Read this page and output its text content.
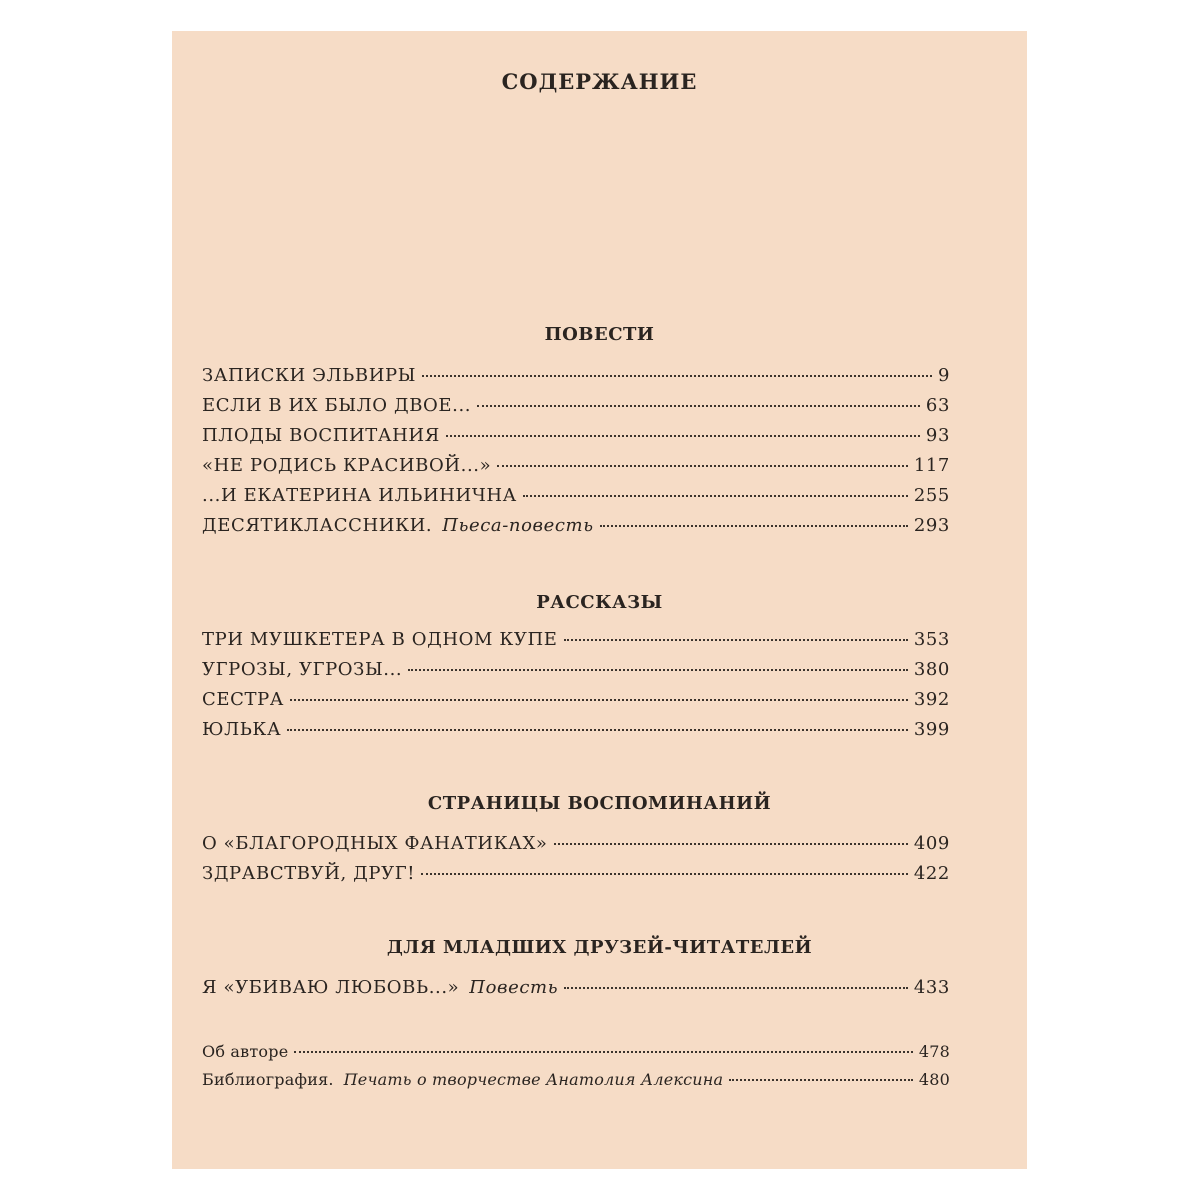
СОДЕРЖАНИЕ
ПОВЕСТИ
ЗАПИСКИ ЭЛЬВИРЫ	9
ЕСЛИ В ИХ БЫЛО ДВОЕ...	63
ПЛОДЫ ВОСПИТАНИЯ	93
«НЕ РОДИСЬ КРАСИВОЙ...»	117
...И ЕКАТЕРИНА ИЛЬИНИЧНА	255
ДЕСЯТИКЛАССНИКИ. Пьеса-повесть	293
РАССКАЗЫ
ТРИ МУШКЕТЕРА В ОДНОМ КУПЕ	353
УГРОЗЫ, УГРОЗЫ...	380
СЕСТРА	392
ЮЛЬКА	399
СТРАНИЦЫ ВОСПОМИНАНИЙ
О «БЛАГОРОДНЫХ ФАНАТИКАХ»	409
ЗДРАВСТВУЙ, ДРУГ!	422
ДЛЯ МЛАДШИХ ДРУЗЕЙ-ЧИТАТЕЛЕЙ
Я «УБИВАЮ ЛЮБОВЬ...» Повесть	433
Об авторе	478
Библиография. Печать о творчестве Анатолия Алексина	480
